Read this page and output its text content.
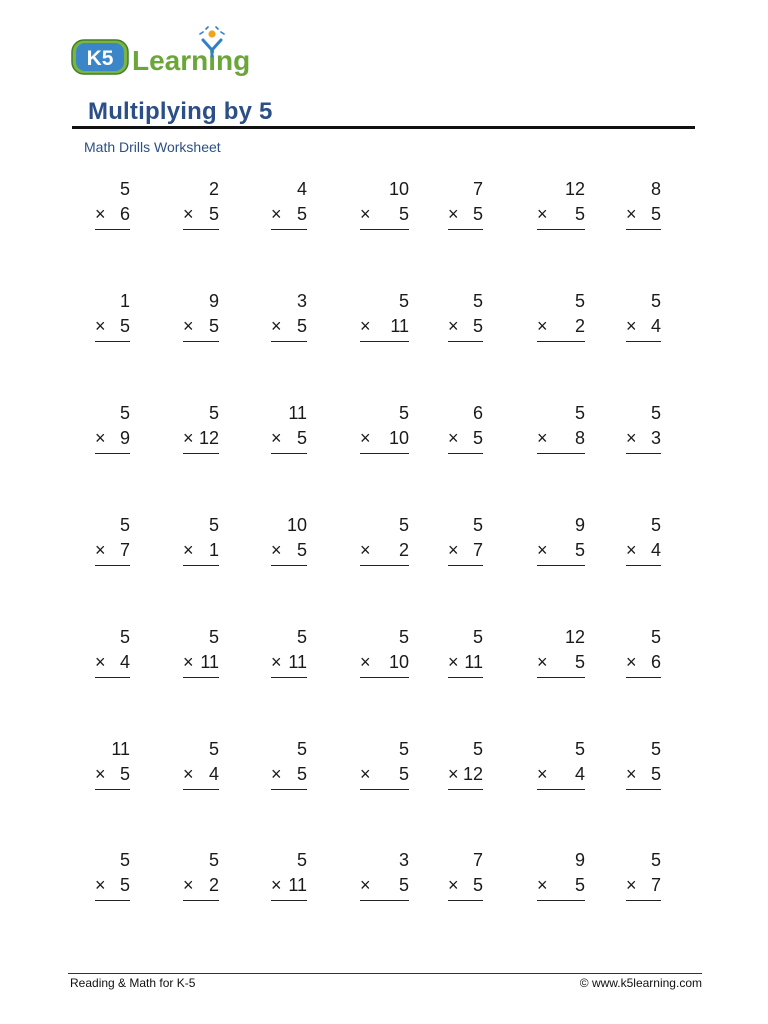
K5 Learning
Multiplying by 5
Math Drills Worksheet
5
× 6
2
× 5
4
× 5
10
×	5
7
× 5
12
×	5
8
× 5
1
× 5
9
× 5
3
× 5
5
×	11
5
× 5
5
×	2
5
× 4
5
× 9
5
× 12
11
× 5
5
×	10
6
× 5
5
×	8
5
× 3
5
× 7
5
× 1
10
× 5
5
×	2
5
× 7
9
×	5
5
× 4
5
× 4
5
× 11
5
× 11
5
×	10
5
× 11
12
×	5
5
× 6
11
× 5
5
× 4
5
× 5
5
×	5
5
× 12
5
×	4
5
× 5
5
× 5
5
× 2
5
× 11
3
×	5
7
× 5
9
×	5
5
× 7
Reading & Math for K-5	© www.k5learning.com
